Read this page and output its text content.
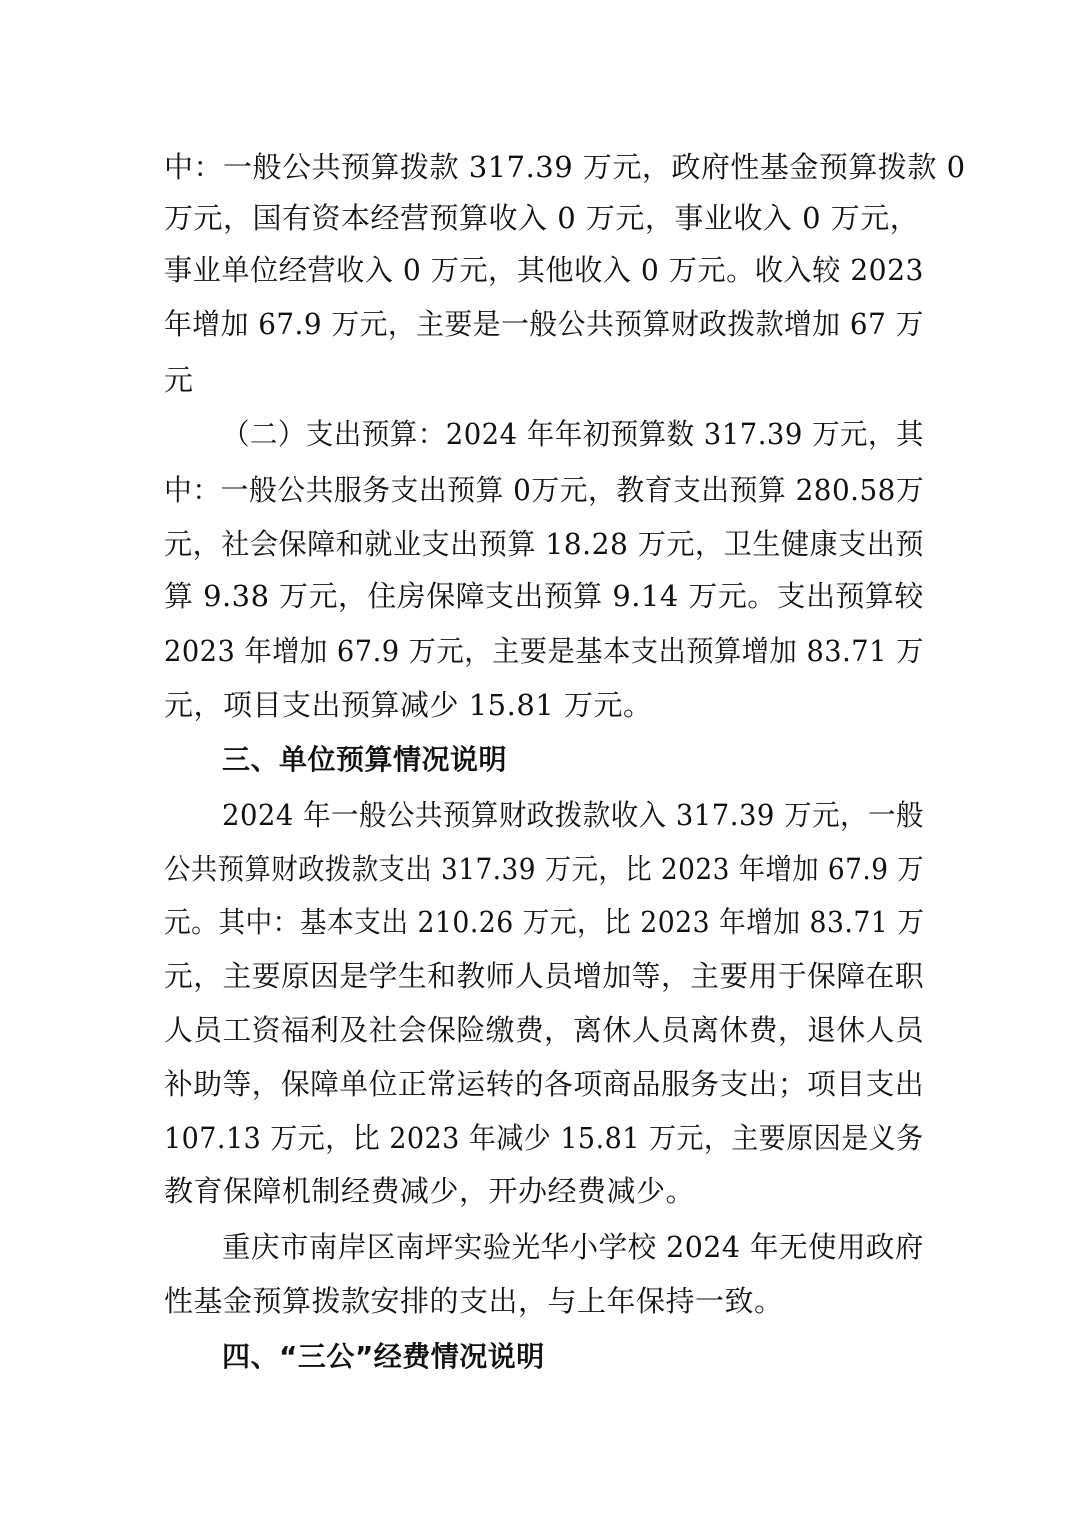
中：一般公共预算拨款 317.39 万元，政府性基金预算拨款 0
万元，国有资本经营预算收入 0 万元，事业收入 0 万元，
事业单位经营收入 0 万元，其他收入 0 万元。收入较 2023
年增加 67.9 万元，主要是一般公共预算财政拨款增加 67 万
元
（二）支出预算：2024 年年初预算数 317.39 万元，其
中：一般公共服务支出预算 0万元，教育支出预算 280.58万
元，社会保障和就业支出预算 18.28 万元，卫生健康支出预
算 9.38 万元，住房保障支出预算 9.14 万元。支出预算较
2023 年增加 67.9 万元，主要是基本支出预算增加 83.71 万
元，项目支出预算减少 15.81 万元。
三、单位预算情况说明
2024 年一般公共预算财政拨款收入 317.39 万元，一般
公共预算财政拨款支出 317.39 万元，比 2023 年增加 67.9 万
元。其中：基本支出 210.26 万元，比 2023 年增加 83.71 万
元，主要原因是学生和教师人员增加等，主要用于保障在职
人员工资福利及社会保险缴费，离休人员离休费，退休人员
补助等，保障单位正常运转的各项商品服务支出；项目支出
107.13 万元，比 2023 年减少 15.81 万元，主要原因是义务
教育保障机制经费减少，开办经费减少。
重庆市南岸区南坪实验光华小学校 2024 年无使用政府
性基金预算拨款安排的支出，与上年保持一致。
四、“三公”经费情况说明
